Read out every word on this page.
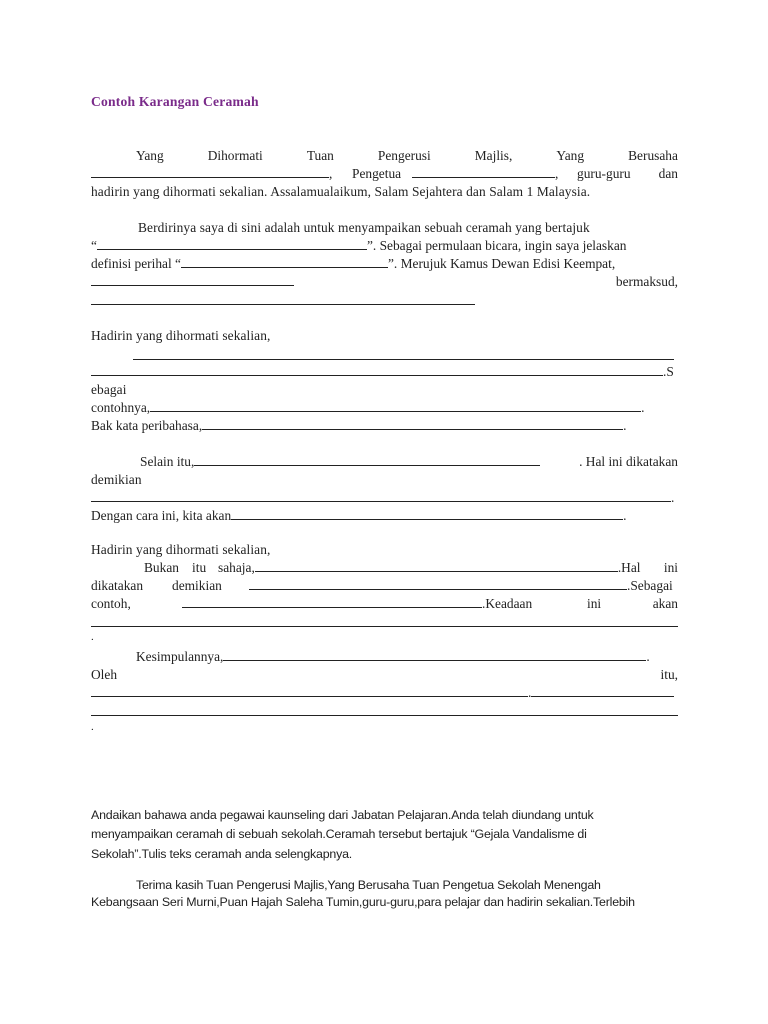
Contoh Karangan Ceramah
Yang	Dihormati	Tuan	Pengerusi	Majlis,	Yang	Berusaha
, Pengetua	, guru-guru dan
hadirin yang dihormati sekalian. Assalamualaikum, Salam Sejahtera dan Salam 1 Malaysia.
Berdirinya saya di sini adalah untuk menyampaikan sebuah ceramah yang bertajuk
“	”. Sebagai permulaan bicara, ingin saya jelaskan
definisi perihal “	”. Merujuk Kamus Dewan Edisi Keempat,
bermaksud,
Hadirin yang dihormati sekalian,
.S
ebagai
contohnya,	.
Bak kata peribahasa,	.
Selain itu,	. Hal ini dikatakan
demikian
.
Dengan cara ini, kita akan	.
Hadirin yang dihormati sekalian,
Bukan itu sahaja,	.Hal ini
dikatakan demikian	.Sebagai
contoh,	.Keadaan	ini	akan
.
Kesimpulannya,	.
Oleh	itu,
.
.
Andaikan bahawa anda pegawai kaunseling dari Jabatan Pelajaran.Anda telah diundang untuk
menyampaikan ceramah di sebuah sekolah.Ceramah tersebut bertajuk “Gejala Vandalisme di
Sekolah”.Tulis teks ceramah anda selengkapnya.
Terima kasih Tuan Pengerusi Majlis,Yang Berusaha Tuan Pengetua Sekolah Menengah
Kebangsaan Seri Murni,Puan Hajah Saleha Tumin,guru-guru,para pelajar dan hadirin sekalian.Terlebih
